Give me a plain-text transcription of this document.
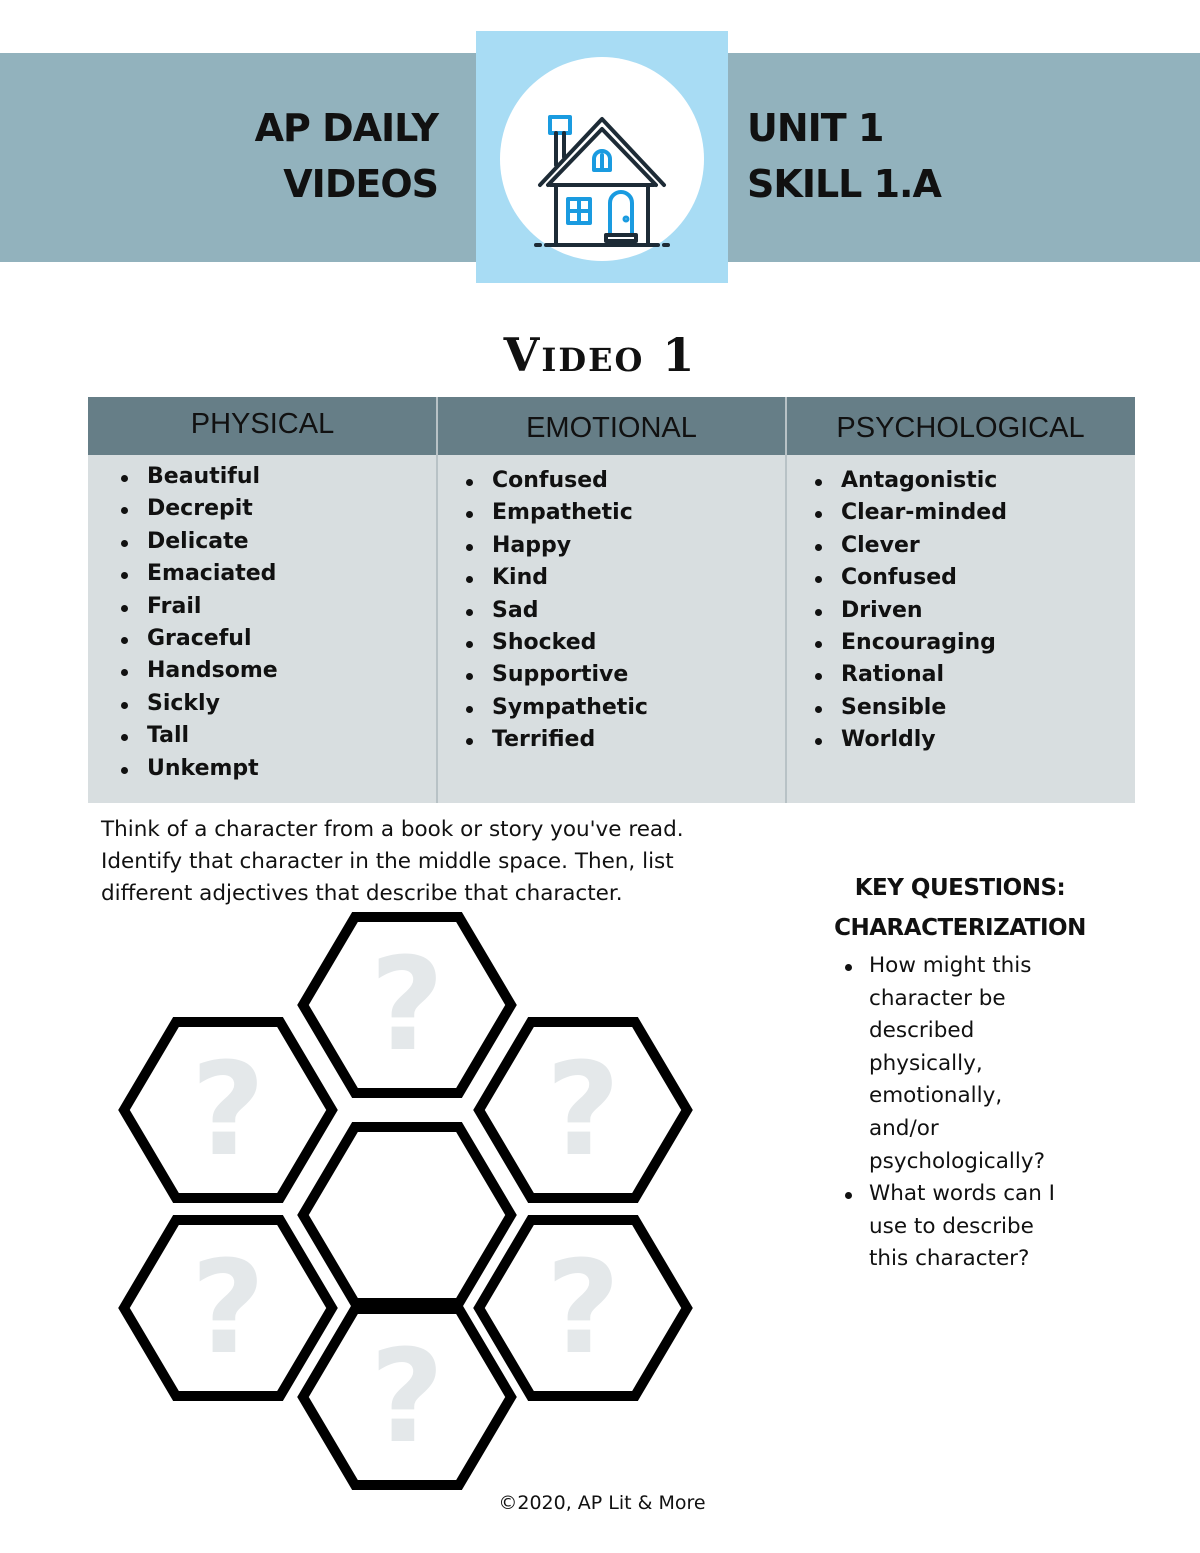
AP DAILY
VIDEOS
UNIT 1
SKILL 1.A
Video 1
PHYSICAL	EMOTIONAL	PSYCHOLOGICAL
Beautiful
Decrepit
Delicate
Emaciated
Frail
Graceful
Handsome
Sickly
Tall
Unkempt
Confused
Empathetic
Happy
Kind
Sad
Shocked
Supportive
Sympathetic
Terrified
Antagonistic
Clear-minded
Clever
Confused
Driven
Encouraging
Rational
Sensible
Worldly
Think of a character from a book or story you've read.
Identify that character in the middle space. Then, list
different adjectives that describe that character.
?
? ?
? ?
?
KEY QUESTIONS:
CHARACTERIZATION
How might this
character be
described
physically,
emotionally,
and/or
psychologically?
What words can I
use to describe
this character?
©2020, AP Lit & More
